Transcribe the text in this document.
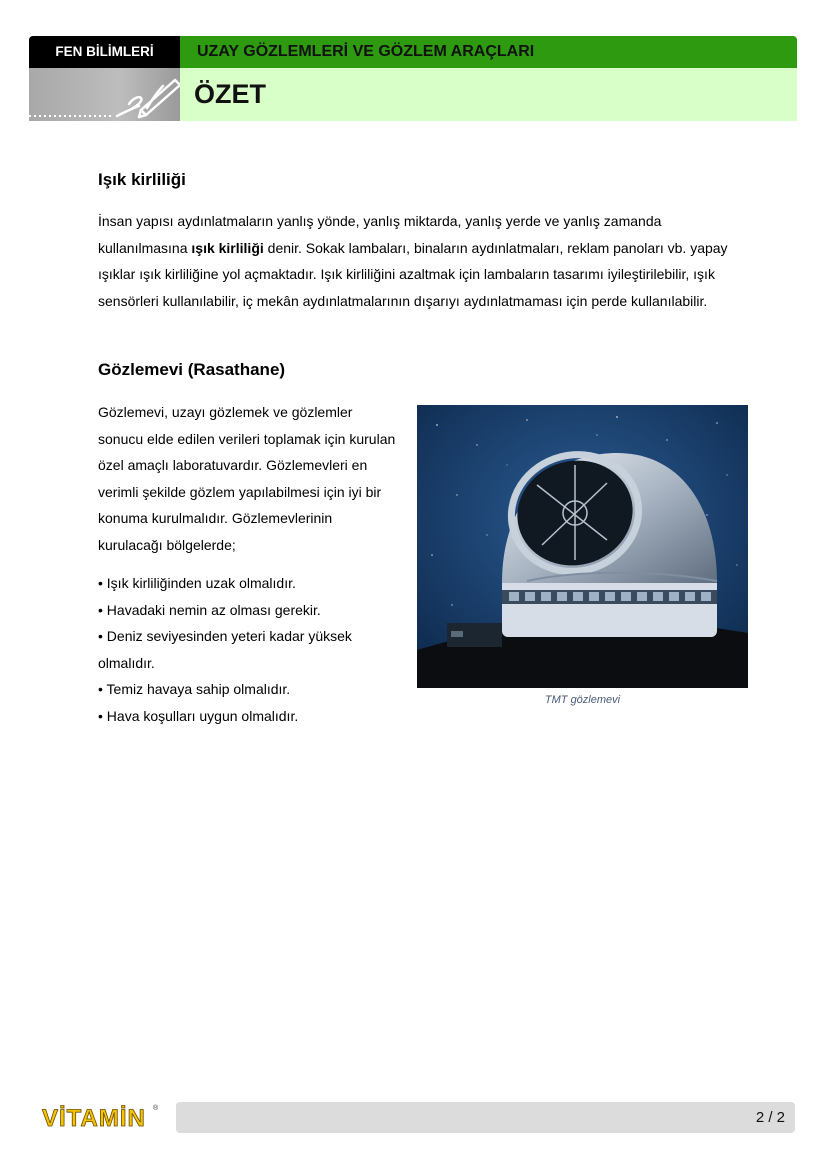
FEN BİLİMLERİ	UZAY GÖZLEMLERİ VE GÖZLEM ARAÇLARI
ÖZET
Işık kirliliği

İnsan yapısı aydınlatmaların yanlış yönde, yanlış miktarda, yanlış yerde ve yanlış zamanda kullanılmasına ışık kirliliği denir. Sokak lambaları, binaların aydınlatmaları, reklam panoları vb. yapay ışıklar ışık kirliliğine yol açmaktadır. Işık kirliliğini azaltmak için lambaların tasarımı iyileştirilebilir, ışık sensörleri kullanılabilir, iç mekân aydınlatmalarının dışarıyı aydınlatmaması için perde kullanılabilir.

Gözlemevi (Rasathane)

Gözlemevi, uzayı gözlemek ve gözlemler sonucu elde edilen verileri toplamak için kurulan özel amaçlı laboratuvardır. Gözlemevleri en verimli şekilde gözlem yapılabilmesi için iyi bir konuma kurulmalıdır. Gözlemevlerinin kurulacağı bölgelerde;

• Işık kirliliğinden uzak olmalıdır.
• Havadaki nemin az olması gerekir.
• Deniz seviyesinden yeteri kadar yüksek olmalıdır.
• Temiz havaya sahip olmalıdır.
• Hava koşulları uygun olmalıdır.
TMT gözlemevi
VİTAMİN ®
2 / 2
